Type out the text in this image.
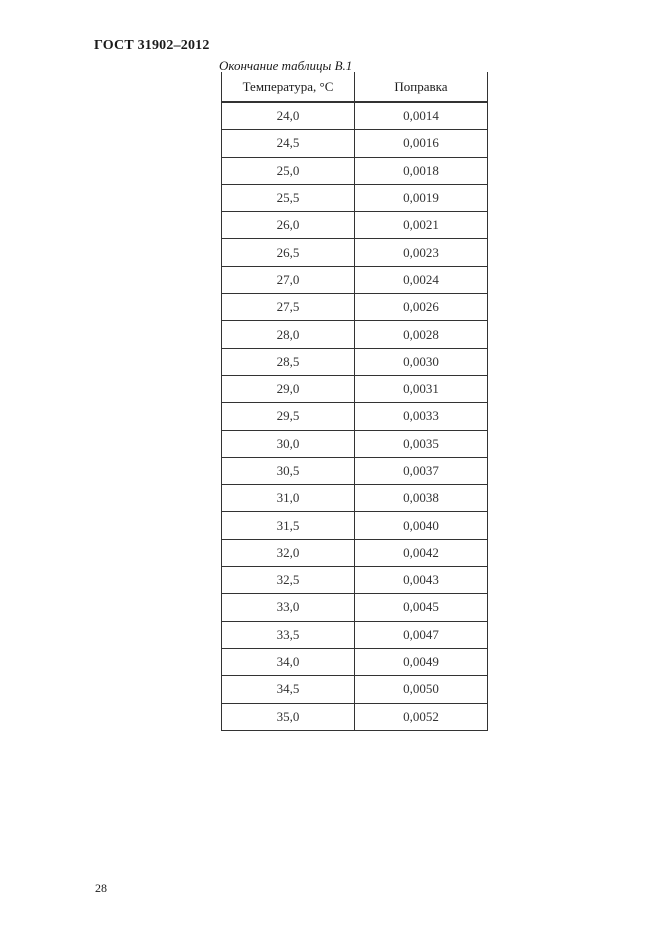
ГОСТ 31902–2012
Окончание таблицы В.1
Температура, °С	Поправка
24,0	0,0014
24,5	0,0016
25,0	0,0018
25,5	0,0019
26,0	0,0021
26,5	0,0023
27,0	0,0024
27,5	0,0026
28,0	0,0028
28,5	0,0030
29,0	0,0031
29,5	0,0033
30,0	0,0035
30,5	0,0037
31,0	0,0038
31,5	0,0040
32,0	0,0042
32,5	0,0043
33,0	0,0045
33,5	0,0047
34,0	0,0049
34,5	0,0050
35,0	0,0052
28
